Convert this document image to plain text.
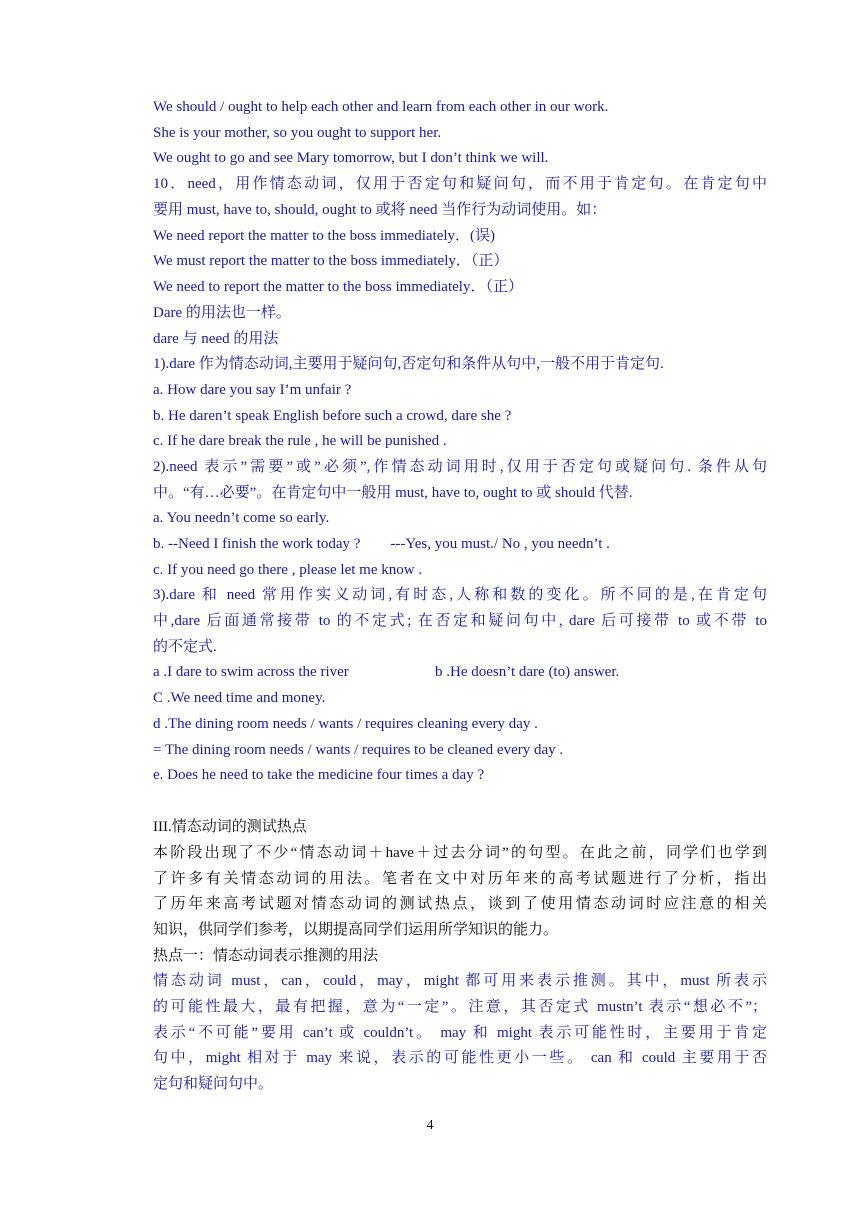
We should / ought to help each other and learn from each other in our work.
She is your mother, so you ought to support her.
We ought to go and see Mary tomorrow, but I don’t think we will.
10．need，用作情态动词，仅用于否定句和疑问句，而不用于肯定句。在肯定句中
要用 must, have to, should, ought to 或将 need 当作行为动词使用。如：
We need report the matter to the boss immediately．(误)
We must report the matter to the boss immediately．（正）
We need to report the matter to the boss immediately．（正）
Dare 的用法也一样。
dare 与 need 的用法
1).dare 作为情态动词,主要用于疑问句,否定句和条件从句中,一般不用于肯定句.
a. How dare you say I’m unfair ?
b. He daren’t speak English before such a crowd, dare she ?
c. If he dare break the rule , he will be punished .
2).need 表示”需要”或”必须”,作情态动词用时,仅用于否定句或疑问句. 条件从句
中。“有…必要”。在肯定句中一般用 must, have to, ought to 或 should 代替.
a. You needn’t come so early.
b. --Need I finish the work today ?        ---Yes, you must./ No , you needn’t .
c. If you need go there , please let me know .
3).dare 和 need 常用作实义动词,有时态,人称和数的变化。所不同的是,在肯定句
中,dare 后面通常接带 to 的不定式; 在否定和疑问句中, dare 后可接带 to 或不带 to
的不定式.
a .I dare to swim across the river	b .He doesn’t dare (to) answer.
C .We need time and money.
d .The dining room needs / wants / requires cleaning every day .
= The dining room needs / wants / requires to be cleaned every day .
e. Does he need to take the medicine four times a day ?
III.情态动词的测试热点
本阶段出现了不少“情态动词＋have＋过去分词”的句型。在此之前，同学们也学到
了许多有关情态动词的用法。笔者在文中对历年来的高考试题进行了分析，指出
了历年来高考试题对情态动词的测试热点，谈到了使用情态动词时应注意的相关
知识，供同学们参考，以期提高同学们运用所学知识的能力。
热点一：情态动词表示推测的用法
情态动词 must，can，could，may，might 都可用来表示推测。其中，must 所表示
的可能性最大，最有把握，意为“一定”。注意，其否定式 mustn’t 表示“想必不”；
表示“不可能”要用 can’t 或 couldn’t。 may 和 might 表示可能性时，主要用于肯定
句中，might 相对于 may 来说，表示的可能性更小一些。 can 和 could 主要用于否
定句和疑问句中。
4
